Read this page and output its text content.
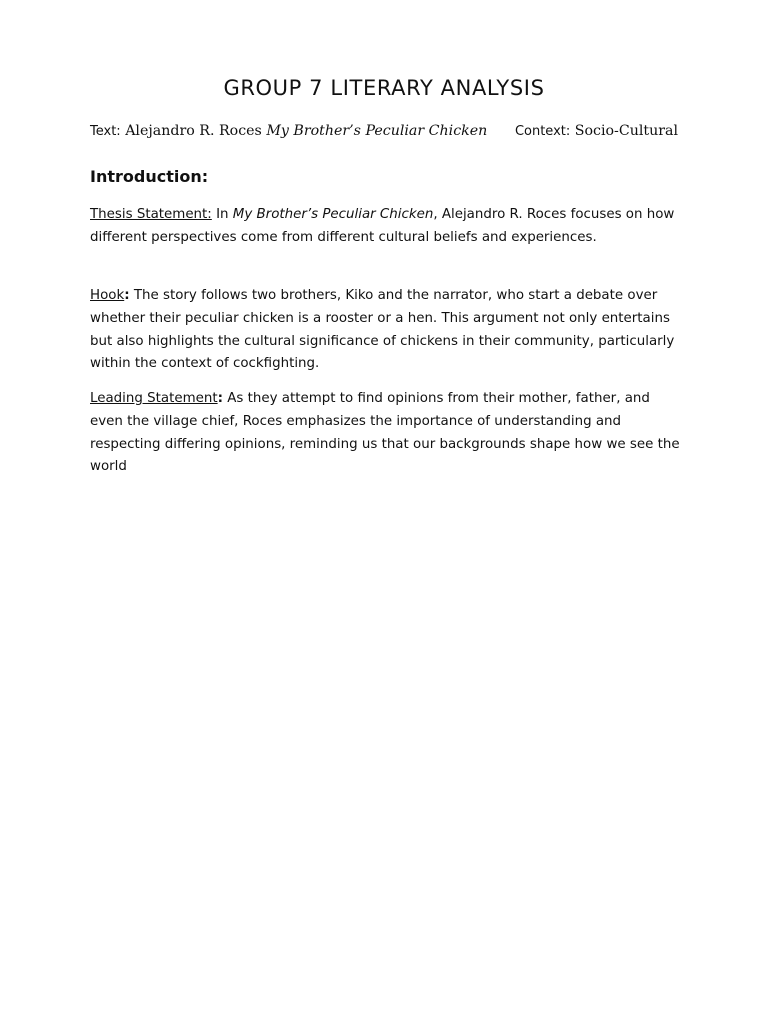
GROUP 7 LITERARY ANALYSIS
Text: Alejandro R. Roces My Brother’s Peculiar Chicken Context: Socio-Cultural
Introduction:

Thesis Statement: In My Brother’s Peculiar Chicken, Alejandro R. Roces focuses on how different perspectives come from different cultural beliefs and experiences.

Hook: The story follows two brothers, Kiko and the narrator, who start a debate over whether their peculiar chicken is a rooster or a hen. This argument not only entertains but also highlights the cultural significance of chickens in their community, particularly within the context of cockfighting.

Leading Statement: As they attempt to find opinions from their mother, father, and even the village chief, Roces emphasizes the importance of understanding and respecting differing opinions, reminding us that our backgrounds shape how we see the world
